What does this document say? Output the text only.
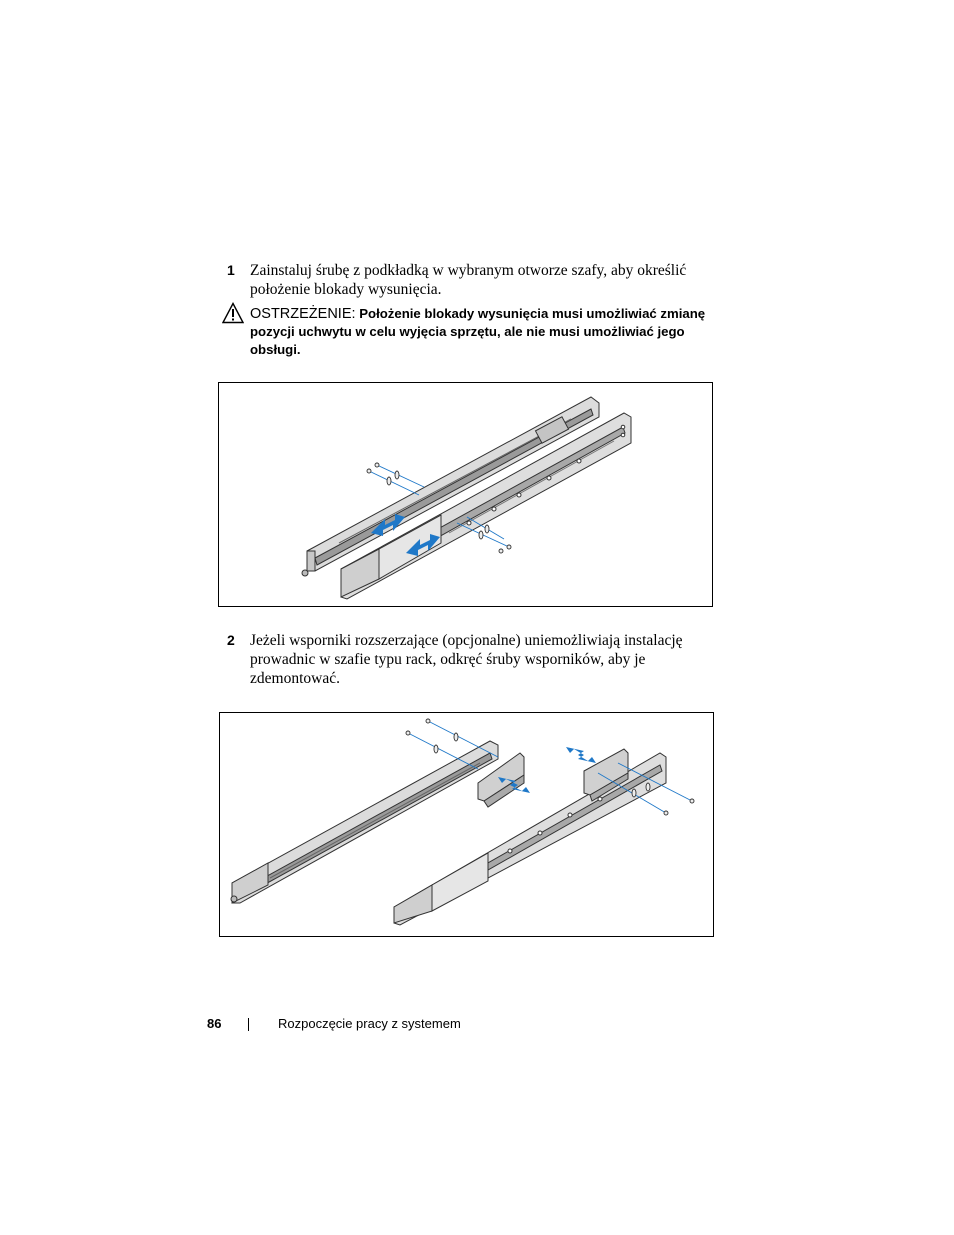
1 Zainstaluj śrubę z podkładką w wybranym otworze szafy, aby określić położenie blokady wysunięcia.
OSTRZEŻENIE: Położenie blokady wysunięcia musi umożliwiać zmianę pozycji uchwytu w celu wyjęcia sprzętu, ale nie musi umożliwiać jego obsługi.
2 Jeżeli wsporniki rozszerzające (opcjonalne) uniemożliwiają instalację prowadnic w szafie typu rack, odkręć śruby wsporników, aby je zdemontować.
86	Rozpoczęcie pracy z systemem
